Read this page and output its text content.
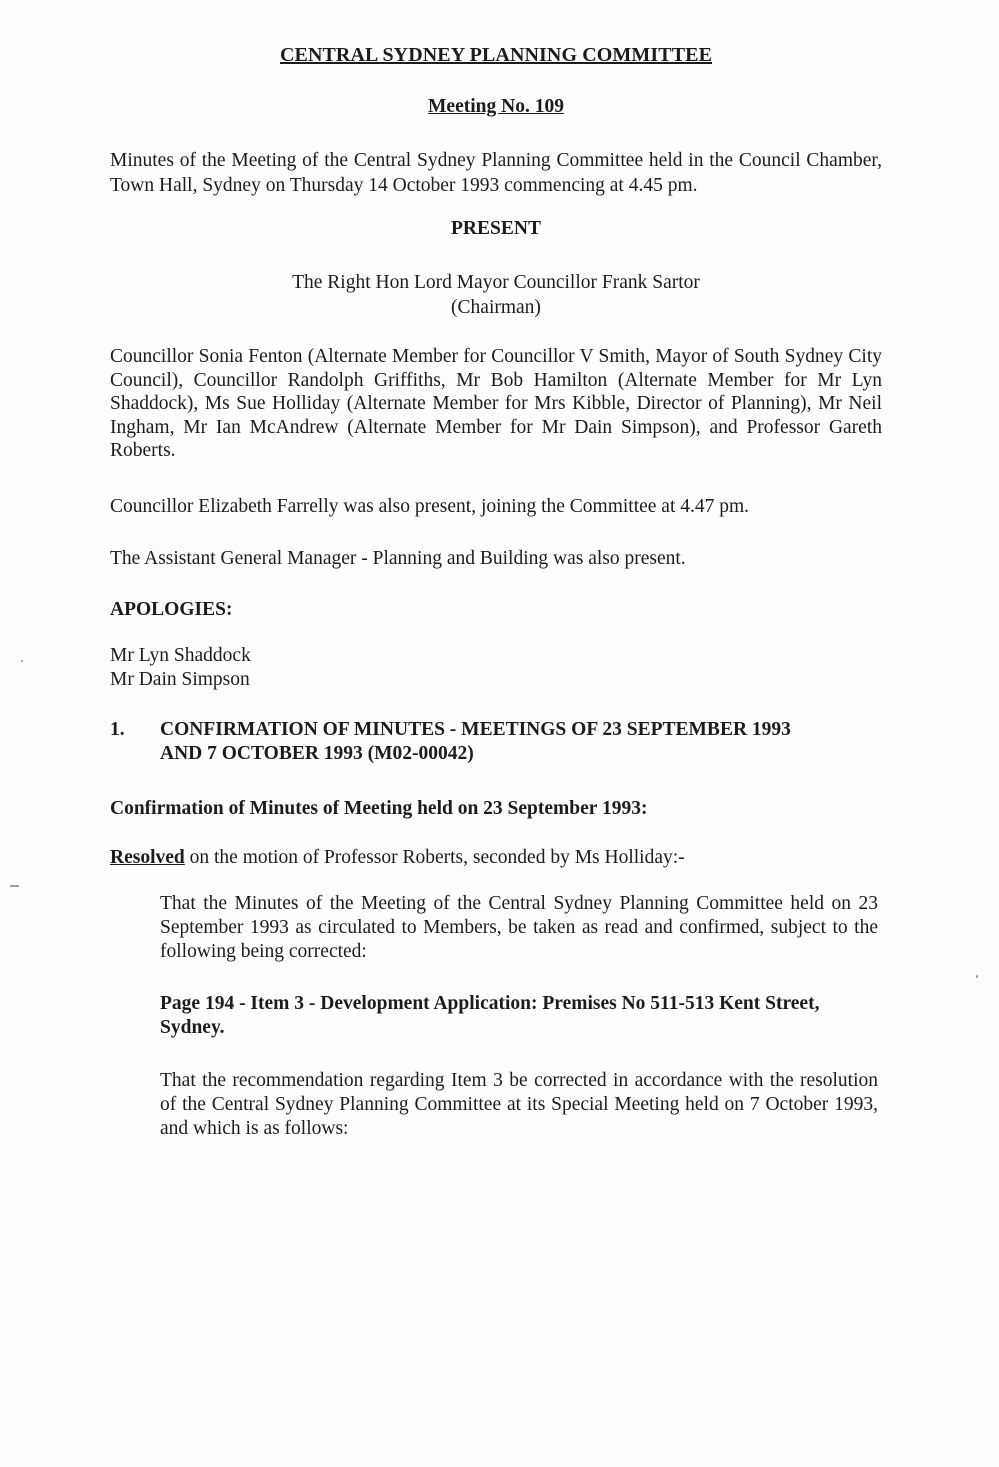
CENTRAL SYDNEY PLANNING COMMITTEE

Meeting No. 109

Minutes of the Meeting of the Central Sydney Planning Committee held in the Council Chamber, Town Hall, Sydney on Thursday 14 October 1993 commencing at 4.45 pm.

PRESENT

The Right Hon Lord Mayor Councillor Frank Sartor
(Chairman)

Councillor Sonia Fenton (Alternate Member for Councillor V Smith, Mayor of South Sydney City Council), Councillor Randolph Griffiths, Mr Bob Hamilton (Alternate Member for Mr Lyn Shaddock), Ms Sue Holliday (Alternate Member for Mrs Kibble, Director of Planning), Mr Neil Ingham, Mr Ian McAndrew (Alternate Member for Mr Dain Simpson), and Professor Gareth Roberts.

Councillor Elizabeth Farrelly was also present, joining the Committee at 4.47 pm.

The Assistant General Manager - Planning and Building was also present.

APOLOGIES:

Mr Lyn Shaddock
Mr Dain Simpson

1. CONFIRMATION OF MINUTES - MEETINGS OF 23 SEPTEMBER 1993
AND 7 OCTOBER 1993 (M02-00042)

Confirmation of Minutes of Meeting held on 23 September 1993:

Resolved on the motion of Professor Roberts, seconded by Ms Holliday:-

That the Minutes of the Meeting of the Central Sydney Planning Committee held on 23 September 1993 as circulated to Members, be taken as read and confirmed, subject to the following being corrected:

Page 194 - Item 3 - Development Application: Premises No 511-513 Kent Street, Sydney.

That the recommendation regarding Item 3 be corrected in accordance with the resolution of the Central Sydney Planning Committee at its Special Meeting held on 7 October 1993, and which is as follows:
